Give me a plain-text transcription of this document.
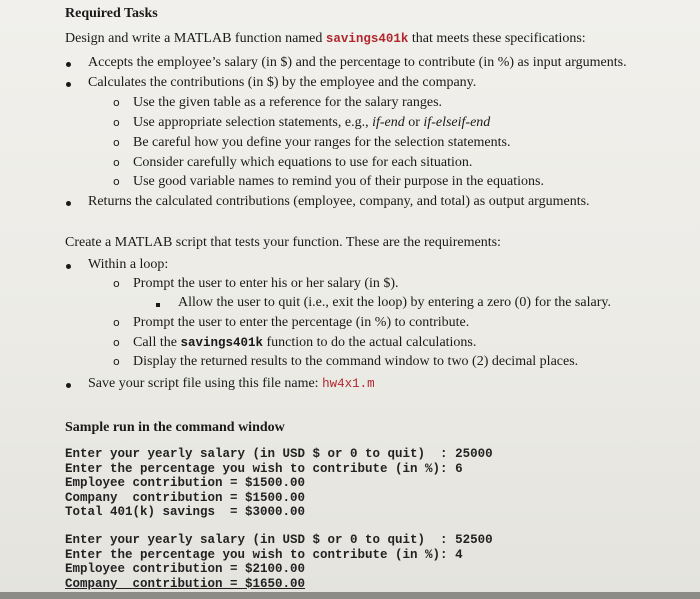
Required Tasks
Design and write a MATLAB function named savings401k that meets these specifications:
Accepts the employee’s salary (in $) and the percentage to contribute (in %) as input arguments.
Calculates the contributions (in $) by the employee and the company.
o Use the given table as a reference for the salary ranges.
o Use appropriate selection statements, e.g., if-end or if-elseif-end
o Be careful how you define your ranges for the selection statements.
o Consider carefully which equations to use for each situation.
o Use good variable names to remind you of their purpose in the equations.
Returns the calculated contributions (employee, company, and total) as output arguments.
Create a MATLAB script that tests your function. These are the requirements:
Within a loop:
o Prompt the user to enter his or her salary (in $).
Allow the user to quit (i.e., exit the loop) by entering a zero (0) for the salary.
o Prompt the user to enter the percentage (in %) to contribute.
o Call the savings401k function to do the actual calculations.
o Display the returned results to the command window to two (2) decimal places.
Save your script file using this file name: hw4x1.m
Sample run in the command window
Enter your yearly salary (in USD $ or 0 to quit)  : 25000
Enter the percentage you wish to contribute (in %): 6
Employee contribution = $1500.00
Company  contribution = $1500.00
Total 401(k) savings  = $3000.00
Enter your yearly salary (in USD $ or 0 to quit)  : 52500
Enter the percentage you wish to contribute (in %): 4
Employee contribution = $2100.00
Company  contribution = $1650.00
